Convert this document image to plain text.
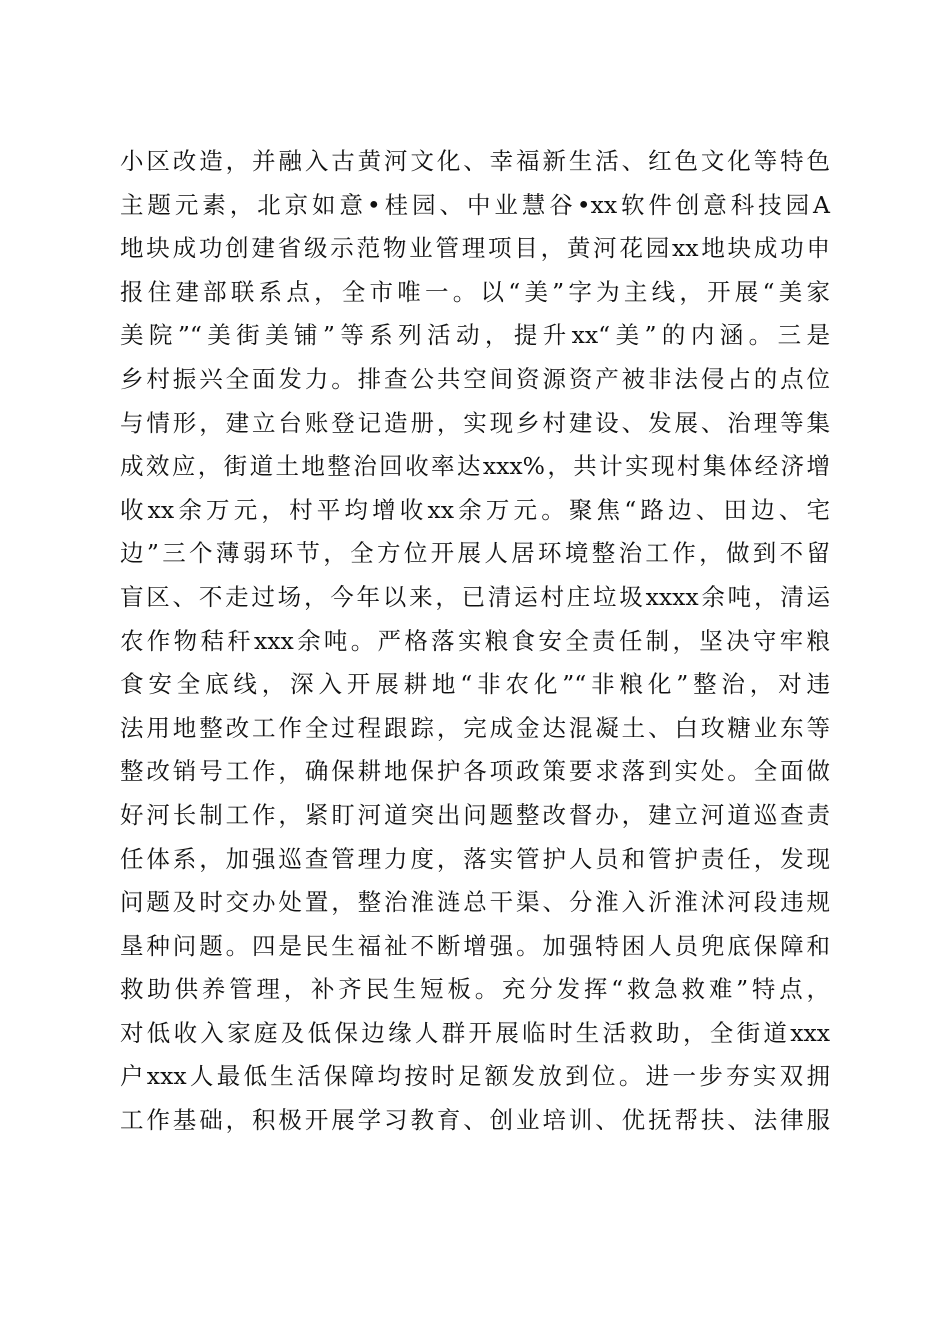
小区改造，并融入古黄河文化、幸福新生活、红色文化等特色
主题元素，北京如意•桂园、中业慧谷•xx软件创意科技园A
地块成功创建省级示范物业管理项目，黄河花园xx地块成功申
报住建部联系点，全市唯一。以“美”字为主线，开展“美家
美院”“美街美铺”等系列活动，提升xx“美”的内涵。三是
乡村振兴全面发力。排查公共空间资源资产被非法侵占的点位
与情形，建立台账登记造册，实现乡村建设、发展、治理等集
成效应，街道土地整治回收率达xxx%，共计实现村集体经济增
收xx余万元，村平均增收xx余万元。聚焦“路边、田边、宅
边”三个薄弱环节，全方位开展人居环境整治工作，做到不留
盲区、不走过场，今年以来，已清运村庄垃圾xxxx余吨，清运
农作物秸秆xxx余吨。严格落实粮食安全责任制，坚决守牢粮
食安全底线，深入开展耕地“非农化”“非粮化”整治，对违
法用地整改工作全过程跟踪，完成金达混凝土、白玫糖业东等
整改销号工作，确保耕地保护各项政策要求落到实处。全面做
好河长制工作，紧盯河道突出问题整改督办，建立河道巡查责
任体系，加强巡查管理力度，落实管护人员和管护责任，发现
问题及时交办处置，整治淮涟总干渠、分淮入沂淮沭河段违规
垦种问题。四是民生福祉不断增强。加强特困人员兜底保障和
救助供养管理，补齐民生短板。充分发挥“救急救难”特点，
对低收入家庭及低保边缘人群开展临时生活救助，全街道xxx
户xxx人最低生活保障均按时足额发放到位。进一步夯实双拥
工作基础，积极开展学习教育、创业培训、优抚帮扶、法律服
